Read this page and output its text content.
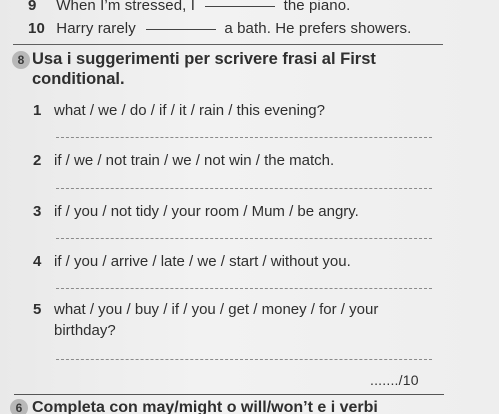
9 When I’m stressed, I	the piano.
10 Harry rarely	a bath. He prefers showers.
8 Usa i suggerimenti per scrivere frasi al First conditional.
1 what / we / do / if / it / rain / this evening?
2 if / we / not train / we / not win / the match.
3 if / you / not tidy / your room / Mum / be angry.
4 if / you / arrive / late / we / start / without you.
5 what / you / buy / if / you / get / money / for / your birthday?
......./10
6 Completa con may/might o will/won’t e i verbi
